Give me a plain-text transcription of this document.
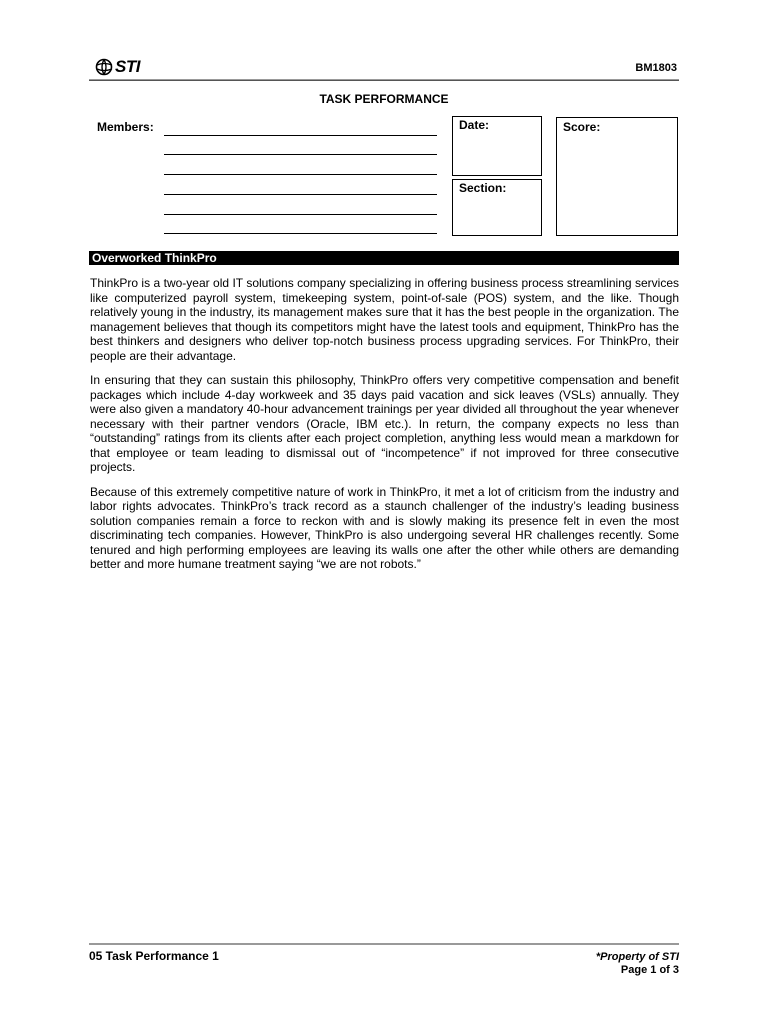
STI	BM1803
TASK PERFORMANCE
Members:	Date:
Section:
Score:
Overworked ThinkPro

ThinkPro is a two-year old IT solutions company specializing in offering business process streamlining services like computerized payroll system, timekeeping system, point-of-sale (POS) system, and the like. Though relatively young in the industry, its management makes sure that it has the best people in the organization. The management believes that though its competitors might have the latest tools and equipment, ThinkPro has the best thinkers and designers who deliver top-notch business process upgrading services. For ThinkPro, their people are their advantage.

In ensuring that they can sustain this philosophy, ThinkPro offers very competitive compensation and benefit packages which include 4-day workweek and 35 days paid vacation and sick leaves (VSLs) annually. They were also given a mandatory 40-hour advancement trainings per year divided all throughout the year whenever necessary with their partner vendors (Oracle, IBM etc.). In return, the company expects no less than “outstanding” ratings from its clients after each project completion, anything less would mean a markdown for that employee or team leading to dismissal out of “incompetence” if not improved for three consecutive projects.

Because of this extremely competitive nature of work in ThinkPro, it met a lot of criticism from the industry and labor rights advocates. ThinkPro’s track record as a staunch challenger of the industry’s leading business solution companies remain a force to reckon with and is slowly making its presence felt in even the most discriminating tech companies. However, ThinkPro is also undergoing several HR challenges recently. Some tenured and high performing employees are leaving its walls one after the other while others are demanding better and more humane treatment saying “we are not robots.”

05 Task Performance 1	*Property of STI
Page 1 of 3
